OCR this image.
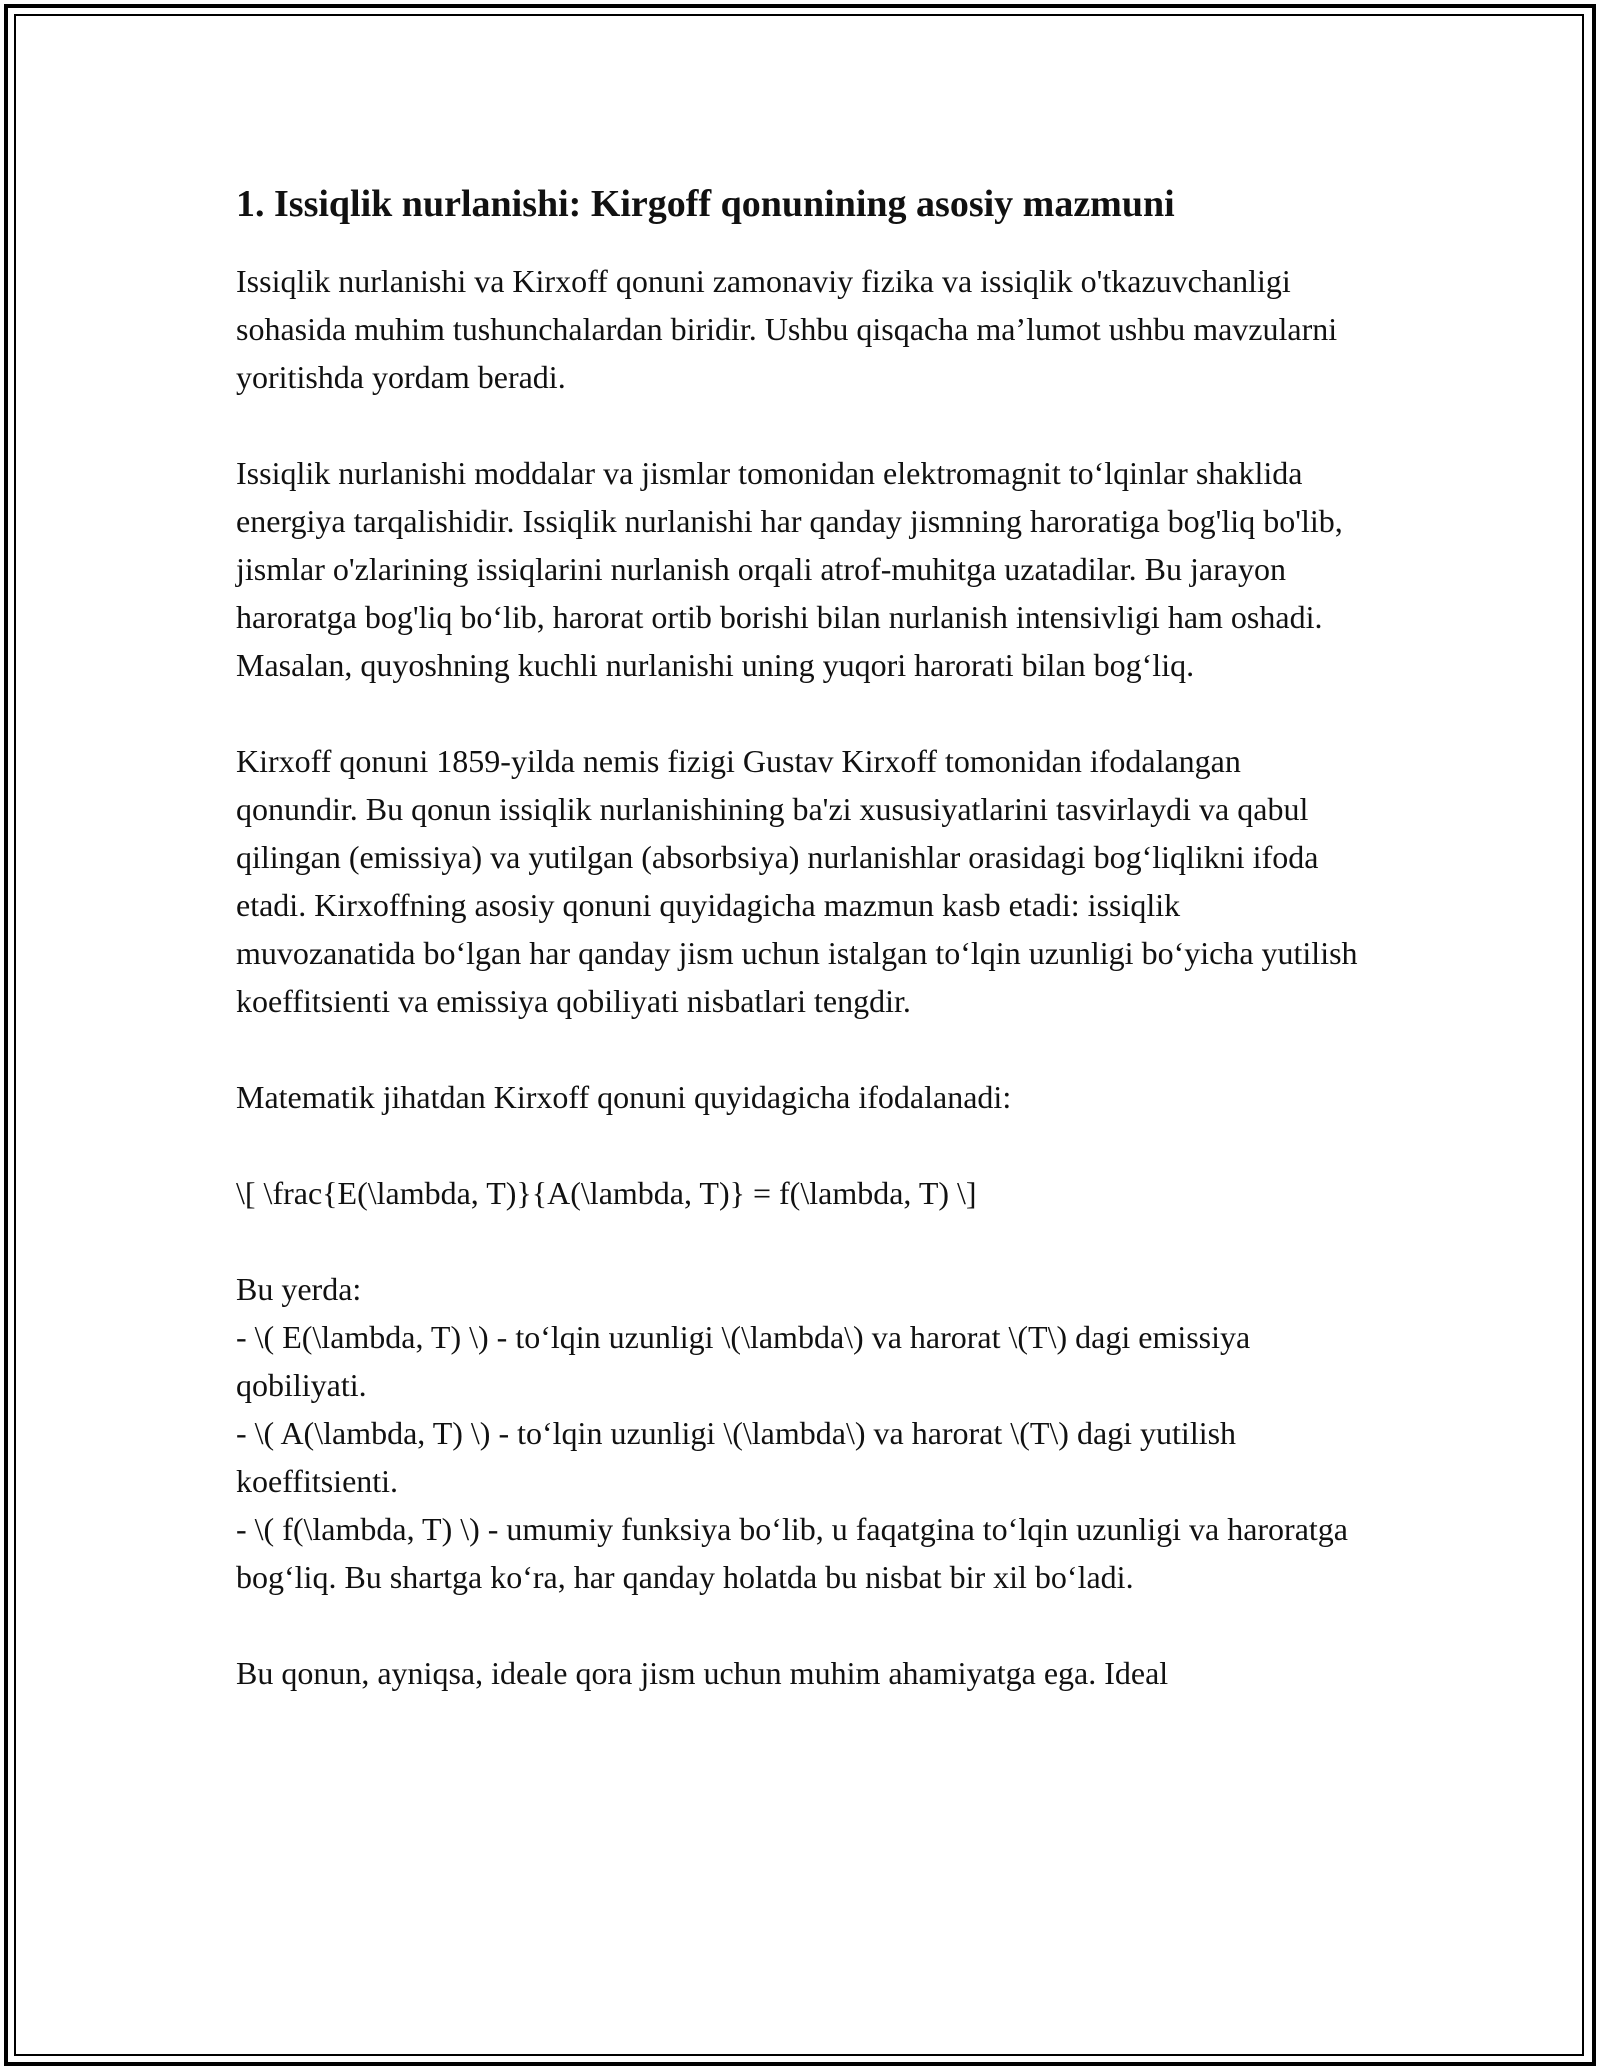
1. Issiqlik nurlanishi: Kirgoff qonunining asosiy mazmuni

Issiqlik nurlanishi va Kirxoff qonuni zamonaviy fizika va issiqlik o'tkazuvchanligi sohasida muhim tushunchalardan biridir. Ushbu qisqacha ma’lumot ushbu mavzularni yoritishda yordam beradi.

Issiqlik nurlanishi moddalar va jismlar tomonidan elektromagnit to‘lqinlar shaklida energiya tarqalishidir. Issiqlik nurlanishi har qanday jismning haroratiga bog'liq bo'lib, jismlar o'zlarining issiqlarini nurlanish orqali atrof-muhitga uzatadilar. Bu jarayon haroratga bog'liq bo‘lib, harorat ortib borishi bilan nurlanish intensivligi ham oshadi. Masalan, quyoshning kuchli nurlanishi uning yuqori harorati bilan bog‘liq.

Kirxoff qonuni 1859-yilda nemis fizigi Gustav Kirxoff tomonidan ifodalangan qonundir. Bu qonun issiqlik nurlanishining ba'zi xususiyatlarini tasvirlaydi va qabul qilingan (emissiya) va yutilgan (absorbsiya) nurlanishlar orasidagi bog‘liqlikni ifoda etadi. Kirxoffning asosiy qonuni quyidagicha mazmun kasb etadi: issiqlik muvozanatida bo‘lgan har qanday jism uchun istalgan to‘lqin uzunligi bo‘yicha yutilish koeffitsienti va emissiya qobiliyati nisbatlari tengdir.

Matematik jihatdan Kirxoff qonuni quyidagicha ifodalanadi:

\[ \frac{E(\lambda, T)}{A(\lambda, T)} = f(\lambda, T) \]

Bu yerda:
- \( E(\lambda, T) \) - to‘lqin uzunligi \(\lambda\) va harorat \(T\) dagi emissiya qobiliyati.
- \( A(\lambda, T) \) - to‘lqin uzunligi \(\lambda\) va harorat \(T\) dagi yutilish koeffitsienti.
- \( f(\lambda, T) \) - umumiy funksiya bo‘lib, u faqatgina to‘lqin uzunligi va haroratga bog‘liq. Bu shartga ko‘ra, har qanday holatda bu nisbat bir xil bo‘ladi.

Bu qonun, ayniqsa, ideale qora jism uchun muhim ahamiyatga ega. Ideal
